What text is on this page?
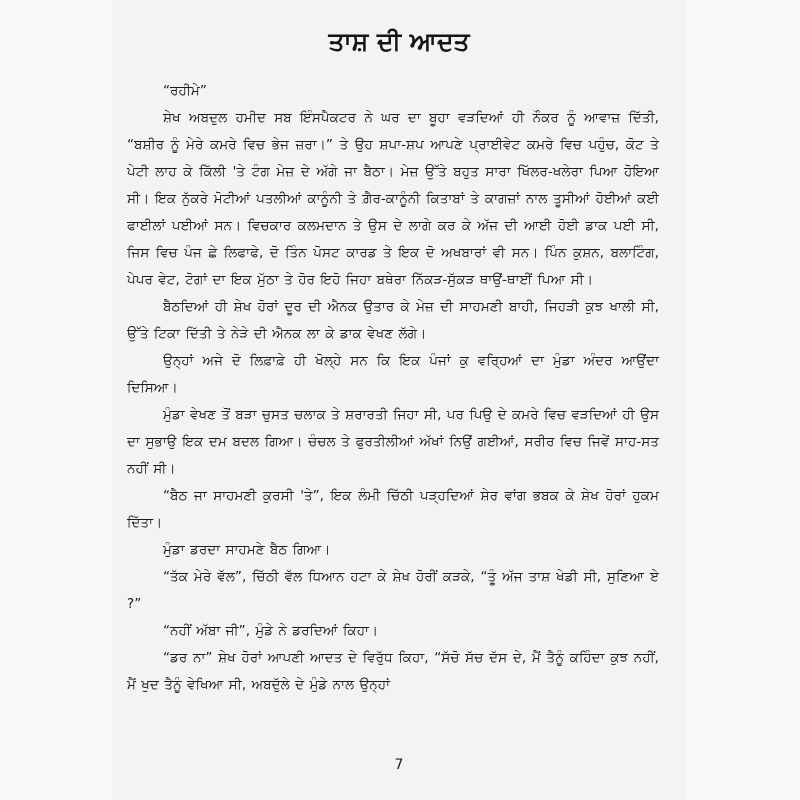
ਤਾਸ਼ ਦੀ ਆਦਤ

“ਰਹੀਮੇ”

ਸ਼ੇਖ ਅਬਦੁਲ ਹਮੀਦ ਸਬ ਇੰਸਪੈਕਟਰ ਨੇ ਘਰ ਦਾ ਬੂਹਾ ਵੜਦਿਆਂ ਹੀ ਨੌਕਰ ਨੂੰ ਆਵਾਜ਼ ਦਿੱਤੀ, “ਬਸ਼ੀਰ ਨੂੰ ਮੇਰੇ ਕਮਰੇ ਵਿਚ ਭੇਜ ਜ਼ਰਾ।” ਤੇ ਉਹ ਸ਼ਪਾ-ਸ਼ਪ ਆਪਣੇ ਪ੍ਰਾਈਵੇਟ ਕਮਰੇ ਵਿਚ ਪਹੁੰਚ, ਕੋਟ ਤੇ ਪੇਟੀ ਲਾਹ ਕੇ ਕਿੱਲੀ 'ਤੇ ਟੰਗ ਮੇਜ਼ ਦੇ ਅੱਗੇ ਜਾ ਬੈਠਾ। ਮੇਜ਼ ਉੱਤੇ ਬਹੁਤ ਸਾਰਾ ਖਿੱਲਰ-ਖਲੇਰਾ ਪਿਆ ਹੋਇਆ ਸੀ। ਇਕ ਨੁੱਕਰੇ ਮੋਟੀਆਂ ਪਤਲੀਆਂ ਕਾਨੂੰਨੀ ਤੇ ਗ਼ੈਰ-ਕਾਨੂੰਨੀ ਕਿਤਾਬਾਂ ਤੇ ਕਾਗਜ਼ਾਂ ਨਾਲ ਤੂਸੀਆਂ ਹੋਈਆਂ ਕਈ ਫਾਈਲਾਂ ਪਈਆਂ ਸਨ। ਵਿਚਕਾਰ ਕਲਮਦਾਨ ਤੇ ਉਸ ਦੇ ਲਾਗੇ ਕਰ ਕੇ ਅੱਜ ਦੀ ਆਈ ਹੋਈ ਡਾਕ ਪਈ ਸੀ, ਜਿਸ ਵਿਚ ਪੰਜ ਛੇ ਲਿਫਾਫੇ, ਦੋ ਤਿੰਨ ਪੋਸਟ ਕਾਰਡ ਤੇ ਇਕ ਦੋ ਅਖਬਾਰਾਂ ਵੀ ਸਨ। ਪਿੰਨ ਕੁਸ਼ਨ, ਬਲਾਟਿੰਗ, ਪੇਪਰ ਵੇਟ, ਟੋਗਾਂ ਦਾ ਇਕ ਮੁੱਠਾ ਤੇ ਹੋਰ ਇਹੋ ਜਿਹਾ ਬਥੇਰਾ ਨਿੱਕੜ-ਸੁੱਕੜ ਥਾਉਂ-ਥਾਈਂ ਪਿਆ ਸੀ।

ਬੈਠਦਿਆਂ ਹੀ ਸ਼ੇਖ ਹੋਰਾਂ ਦੂਰ ਦੀ ਐਨਕ ਉਤਾਰ ਕੇ ਮੇਜ਼ ਦੀ ਸਾਹਮਣੀ ਬਾਹੀ, ਜਿਹੜੀ ਕੁਝ ਖਾਲੀ ਸੀ, ਉੱਤੇ ਟਿਕਾ ਦਿੱਤੀ ਤੇ ਨੇੜੇ ਦੀ ਐਨਕ ਲਾ ਕੇ ਡਾਕ ਵੇਖਣ ਲੱਗੇ।

ਉਨ੍ਹਾਂ ਅਜੇ ਦੋ ਲਿਫ਼ਾਫ਼ੇ ਹੀ ਖੋਲ੍ਹੇ ਸਨ ਕਿ ਇਕ ਪੰਜਾਂ ਕੁ ਵਰ੍ਹਿਆਂ ਦਾ ਮੁੰਡਾ ਅੰਦਰ ਆਉਂਦਾ ਦਿਸਿਆ।

ਮੁੰਡਾ ਵੇਖਣ ਤੋਂ ਬੜਾ ਚੁਸਤ ਚਲਾਕ ਤੇ ਸ਼ਰਾਰਤੀ ਜਿਹਾ ਸੀ, ਪਰ ਪਿਉ ਦੇ ਕਮਰੇ ਵਿਚ ਵੜਦਿਆਂ ਹੀ ਉਸ ਦਾ ਸੁਭਾਉ ਇਕ ਦਮ ਬਦਲ ਗਿਆ। ਚੰਚਲ ਤੇ ਫੁਰਤੀਲੀਆਂ ਅੱਖਾਂ ਨਿਉਂ ਗਈਆਂ, ਸਰੀਰ ਵਿਚ ਜਿਵੇਂ ਸਾਹ-ਸਤ ਨਹੀਂ ਸੀ।

“ਬੈਠ ਜਾ ਸਾਹਮਣੀ ਕੁਰਸੀ 'ਤੇ”, ਇਕ ਲੰਮੀ ਚਿੱਠੀ ਪੜ੍ਹਦਿਆਂ ਸ਼ੇਰ ਵਾਂਗ ਭਬਕ ਕੇ ਸ਼ੇਖ ਹੋਰਾਂ ਹੁਕਮ ਦਿੱਤਾ।

ਮੁੰਡਾ ਡਰਦਾ ਸਾਹਮਣੇ ਬੈਠ ਗਿਆ।

“ਤੱਕ ਮੇਰੇ ਵੱਲ”, ਚਿੱਠੀ ਵੱਲ ਧਿਆਨ ਹਟਾ ਕੇ ਸ਼ੇਖ ਹੋਰੀਂ ਕੜਕੇ, “ਤੂੰ ਅੱਜ ਤਾਸ਼ ਖੇਡੀ ਸੀ, ਸੁਣਿਆ ਏ ?”

“ਨਹੀਂ ਅੱਬਾ ਜੀ”, ਮੁੰਡੇ ਨੇ ਡਰਦਿਆਂ ਕਿਹਾ।

“ਡਰ ਨਾ” ਸ਼ੇਖ ਹੋਰਾਂ ਆਪਣੀ ਆਦਤ ਦੇ ਵਿਰੁੱਧ ਕਿਹਾ, “ਸੱਚੋ ਸੱਚ ਦੱਸ ਦੇ, ਮੈਂ ਤੈਨੂੰ ਕਹਿੰਦਾ ਕੁਝ ਨਹੀਂ, ਮੈਂ ਖੁਦ ਤੈਨੂੰ ਵੇਖਿਆ ਸੀ, ਅਬਦੁੱਲੇ ਦੇ ਮੁੰਡੇ ਨਾਲ ਉਨ੍ਹਾਂ

7
